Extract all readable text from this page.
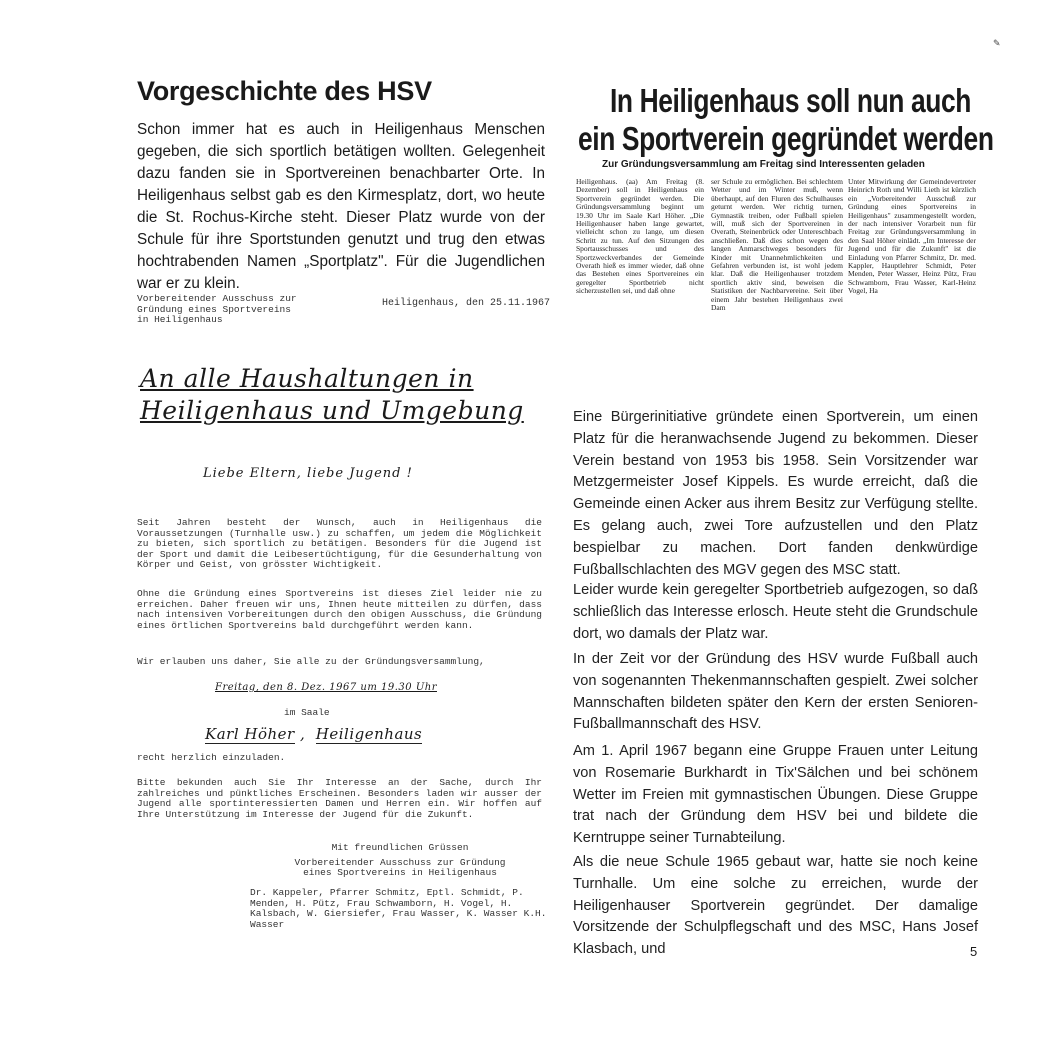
✎
Vorgeschichte des HSV

Schon immer hat es auch in Heiligenhaus Menschen gegeben, die sich sportlich betätigen wollten. Gelegenheit dazu fanden sie in Sportvereinen benachbarter Orte. In Heiligenhaus selbst gab es den Kirmesplatz, dort, wo heute die St. Rochus-Kirche steht. Dieser Platz wurde von der Schule für ihre Sportstunden genutzt und trug den etwas hochtrabenden Namen „Sportplatz". Für die Jugendlichen war er zu klein.

Vorbereitender Ausschuss zur
Gründung eines Sportvereins
in Heiligenhaus
Heiligenhaus, den 25.11.1967
An alle Haushaltungen in
Heiligenhaus und Umgebung
Liebe Eltern, liebe Jugend !
Seit Jahren besteht der Wunsch, auch in Heiligenhaus die Voraussetzungen (Turnhalle usw.) zu schaffen, um jedem die Möglichkeit zu bieten, sich sportlich zu betätigen. Besonders für die Jugend ist der Sport und damit die Leibesertüchtigung, für die Gesunderhaltung von Körper und Geist, von grösster Wichtigkeit.
Ohne die Gründung eines Sportvereins ist dieses Ziel leider nie zu erreichen. Daher freuen wir uns, Ihnen heute mitteilen zu dürfen, dass nach intensiven Vorbereitungen durch den obigen Ausschuss, die Gründung eines örtlichen Sportvereins bald durchgeführt werden kann.
Wir erlauben uns daher, Sie alle zu der Gründungsversammlung,
Freitag, den 8. Dez. 1967 um 19.30 Uhr
im Saale
Karl Höher ,  Heiligenhaus
recht herzlich einzuladen.
Bitte bekunden auch Sie Ihr Interesse an der Sache, durch Ihr zahlreiches und pünktliches Erscheinen. Besonders laden wir ausser der Jugend alle sportinteressierten Damen und Herren ein. Wir hoffen auf Ihre Unterstützung im Interesse der Jugend für die Zukunft.
Mit freundlichen Grüssen
Vorbereitender Ausschuss zur Gründung
eines Sportvereins in Heiligenhaus
Dr. Kappeler, Pfarrer Schmitz, Eptl. Schmidt, P. Menden, H. Pütz, Frau Schwamborn, H. Vogel, H. Kalsbach, W. Giersiefer, Frau Wasser, K. Wasser K.H. Wasser
In Heiligenhaus soll nun auch
ein Sportverein gegründet werden
Zur Gründungsversammlung am Freitag sind Interessenten geladen
Heiligenhaus. (aa) Am Freitag (8. Dezember) soll in Heiligenhaus ein Sportverein gegründet werden. Die Gründungsversammlung beginnt um 19.30 Uhr im Saale Karl Höher. „Die Heiligenhauser haben lange gewartet, vielleicht schon zu lange, um diesen Schritt zu tun. Auf den Sitzungen des Sportausschusses und des Sportzweckverbandes der Gemeinde Overath hieß es immer wieder, daß ohne das Bestehen eines Sportvereines ein geregelter Sportbetrieb nicht sicherzustellen sei, und daß ohne
ser Schule zu ermöglichen. Bei schlechtem Wetter und im Winter muß, wenn überhaupt, auf den Fluren des Schulhauses geturnt werden. Wer richtig turnen, Gymnastik treiben, oder Fußball spielen will, muß sich der Sportvereinen in Overath, Steinenbrück oder Untereschbach anschließen. Daß dies schon wegen des langen Anmarschweges besonders für Kinder mit Unannehmlichkeiten und Gefahren verbunden ist, ist wohl jedem klar. Daß die Heiligenhauser trotzdem sportlich aktiv sind, beweisen die Statistiken der Nachbarvereine. Seit über einem Jahr bestehen Heiligenhaus zwei Dam
Unter Mitwirkung der Gemeindevertreter Heinrich Roth und Willi Lieth ist kürzlich ein „Vorbereitender Ausschuß zur Gründung eines Sportvereins in Heiligenhaus" zusammengestellt worden, der nach intensiver Vorarbeit nun für Freitag zur Gründungsversammlung in den Saal Höher einlädt. „Im Interesse der Jugend und für die Zukunft" ist die Einladung von Pfarrer Schmitz, Dr. med. Kappler, Hauptlehrer Schmidt, Peter Menden, Peter Wasser, Heinz Pütz, Frau Schwamborn, Frau Wasser, Karl-Heinz Vogel, Ha

Eine Bürgerinitiative gründete einen Sportverein, um einen Platz für die heranwachsende Jugend zu bekommen. Dieser Verein bestand von 1953 bis 1958. Sein Vorsitzender war Metzgermeister Josef Kippels. Es wurde erreicht, daß die Gemeinde einen Acker aus ihrem Besitz zur Verfügung stellte. Es gelang auch, zwei Tore aufzustellen und den Platz bespielbar zu machen. Dort fanden denkwürdige Fußballschlachten des MGV gegen des MSC statt.

Leider wurde kein geregelter Sportbetrieb aufgezogen, so daß schließlich das Interesse erlosch. Heute steht die Grundschule dort, wo damals der Platz war.

In der Zeit vor der Gründung des HSV wurde Fußball auch von sogenannten Thekenmannschaften gespielt. Zwei solcher Mannschaften bildeten später den Kern der ersten Senioren-Fußballmannschaft des HSV.

Am 1. April 1967 begann eine Gruppe Frauen unter Leitung von Rosemarie Burkhardt in Tix'Sälchen und bei schönem Wetter im Freien mit gymnastischen Übungen. Diese Gruppe trat nach der Gründung dem HSV bei und bildete die Kerntruppe seiner Turnabteilung.

Als die neue Schule 1965 gebaut war, hatte sie noch keine Turnhalle. Um eine solche zu erreichen, wurde der Heiligenhauser Sportverein gegründet. Der damalige Vorsitzende der Schulpflegschaft und des MSC, Hans Josef Klasbach, und	5
